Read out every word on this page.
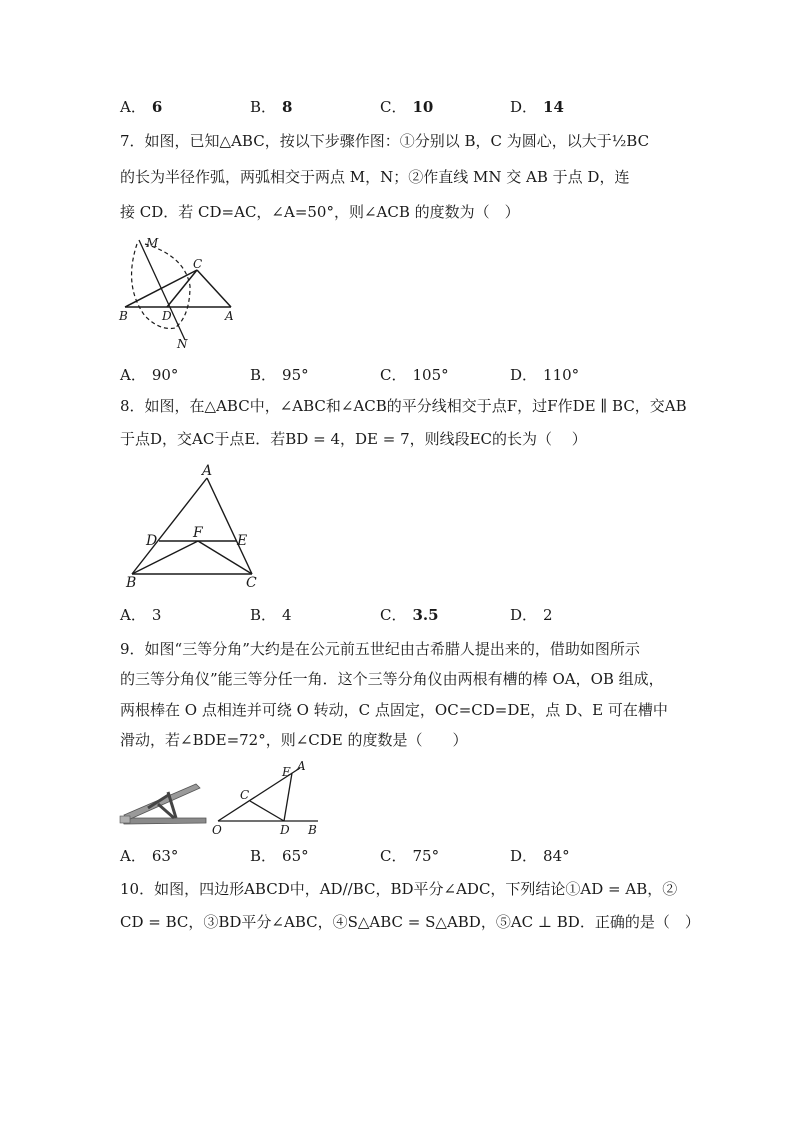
A． 6	B． 8	C． 10	D． 14
7．如图，已知△ABC，按以下步骤作图：①分别以 B，C 为圆心，以大于½BC
的长为半径作弧，两弧相交于两点 M，N；②作直线 MN 交 AB 于点 D，连
接 CD．若 CD=AC，∠A=50°，则∠ACB 的度数为（　）
M
C
B	D	A
N
A． 90°	B． 95°	C． 105°	D． 110°
8．如图，在△ABC中，∠ABC和∠ACB的平分线相交于点F，过F作DE ∥ BC，交AB
于点D，交AC于点E．若BD = 4，DE = 7，则线段EC的长为（　 ）
A
D	F E
B	C
A． 3	B． 4	C． 3.5	D． 2
9．如图“三等分角”大约是在公元前五世纪由古希腊人提出来的，借助如图所示
的三等分角仪”能三等分任一角．这个三等分角仪由两根有槽的棒 OA，OB 组成，
两根棒在 O 点相连并可绕 O 转动，C 点固定，OC=CD=DE，点 D、E 可在槽中
滑动，若∠BDE=72°，则∠CDE 的度数是（　　）
E A
C
O	D B
A． 63°	B． 65°	C． 75°	D． 84°
10．如图，四边形ABCD中，AD//BC，BD平分∠ADC，下列结论①AD = AB，②
CD = BC，③BD平分∠ABC，④S△ABC = S△ABD，⑤AC ⊥ BD．正确的是（　）
